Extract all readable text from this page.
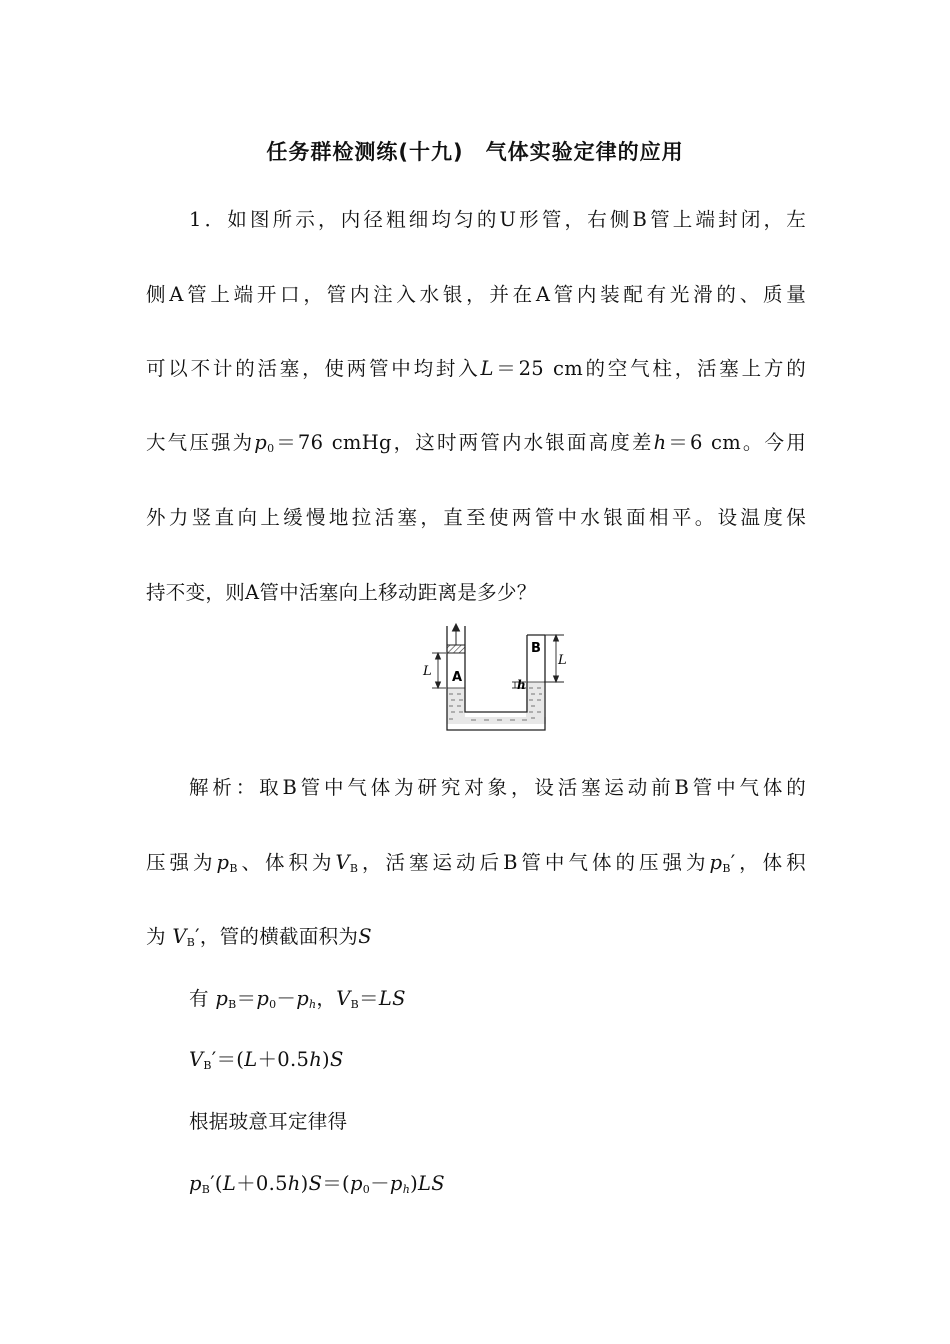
任务群检测练(十九)　气体实验定律的应用
1．如图所示，内径粗细均匀的U形管，右侧B管上端封闭，左
侧A管上端开口，管内注入水银，并在A管内装配有光滑的、质量
可以不计的活塞，使两管中均封入L＝25 cm的空气柱，活塞上方的
大气压强为$p_0=76$ cmHg，这时两管内水银面高度差h＝6 cm。今用
外力竖直向上缓慢地拉活塞，直至使两管中水银面相平。设温度保
持不变，则A管中活塞向上移动距离是多少？
A
B
L
h
L
解析：取B管中气体为研究对象，设活塞运动前B管中气体的
压强为$p_B$、体积为$V_B$，活塞运动后B管中气体的压强为$p_B'$，体积
为 $V_B'$，管的横截面积为S
有 $p_B=p_0-p_h$，$V_B=LS$
$V_B'=(L+0.5h)S$
根据玻意耳定律得
$p_B'(L+0.5h)S=(p_0-p_h)LS$
